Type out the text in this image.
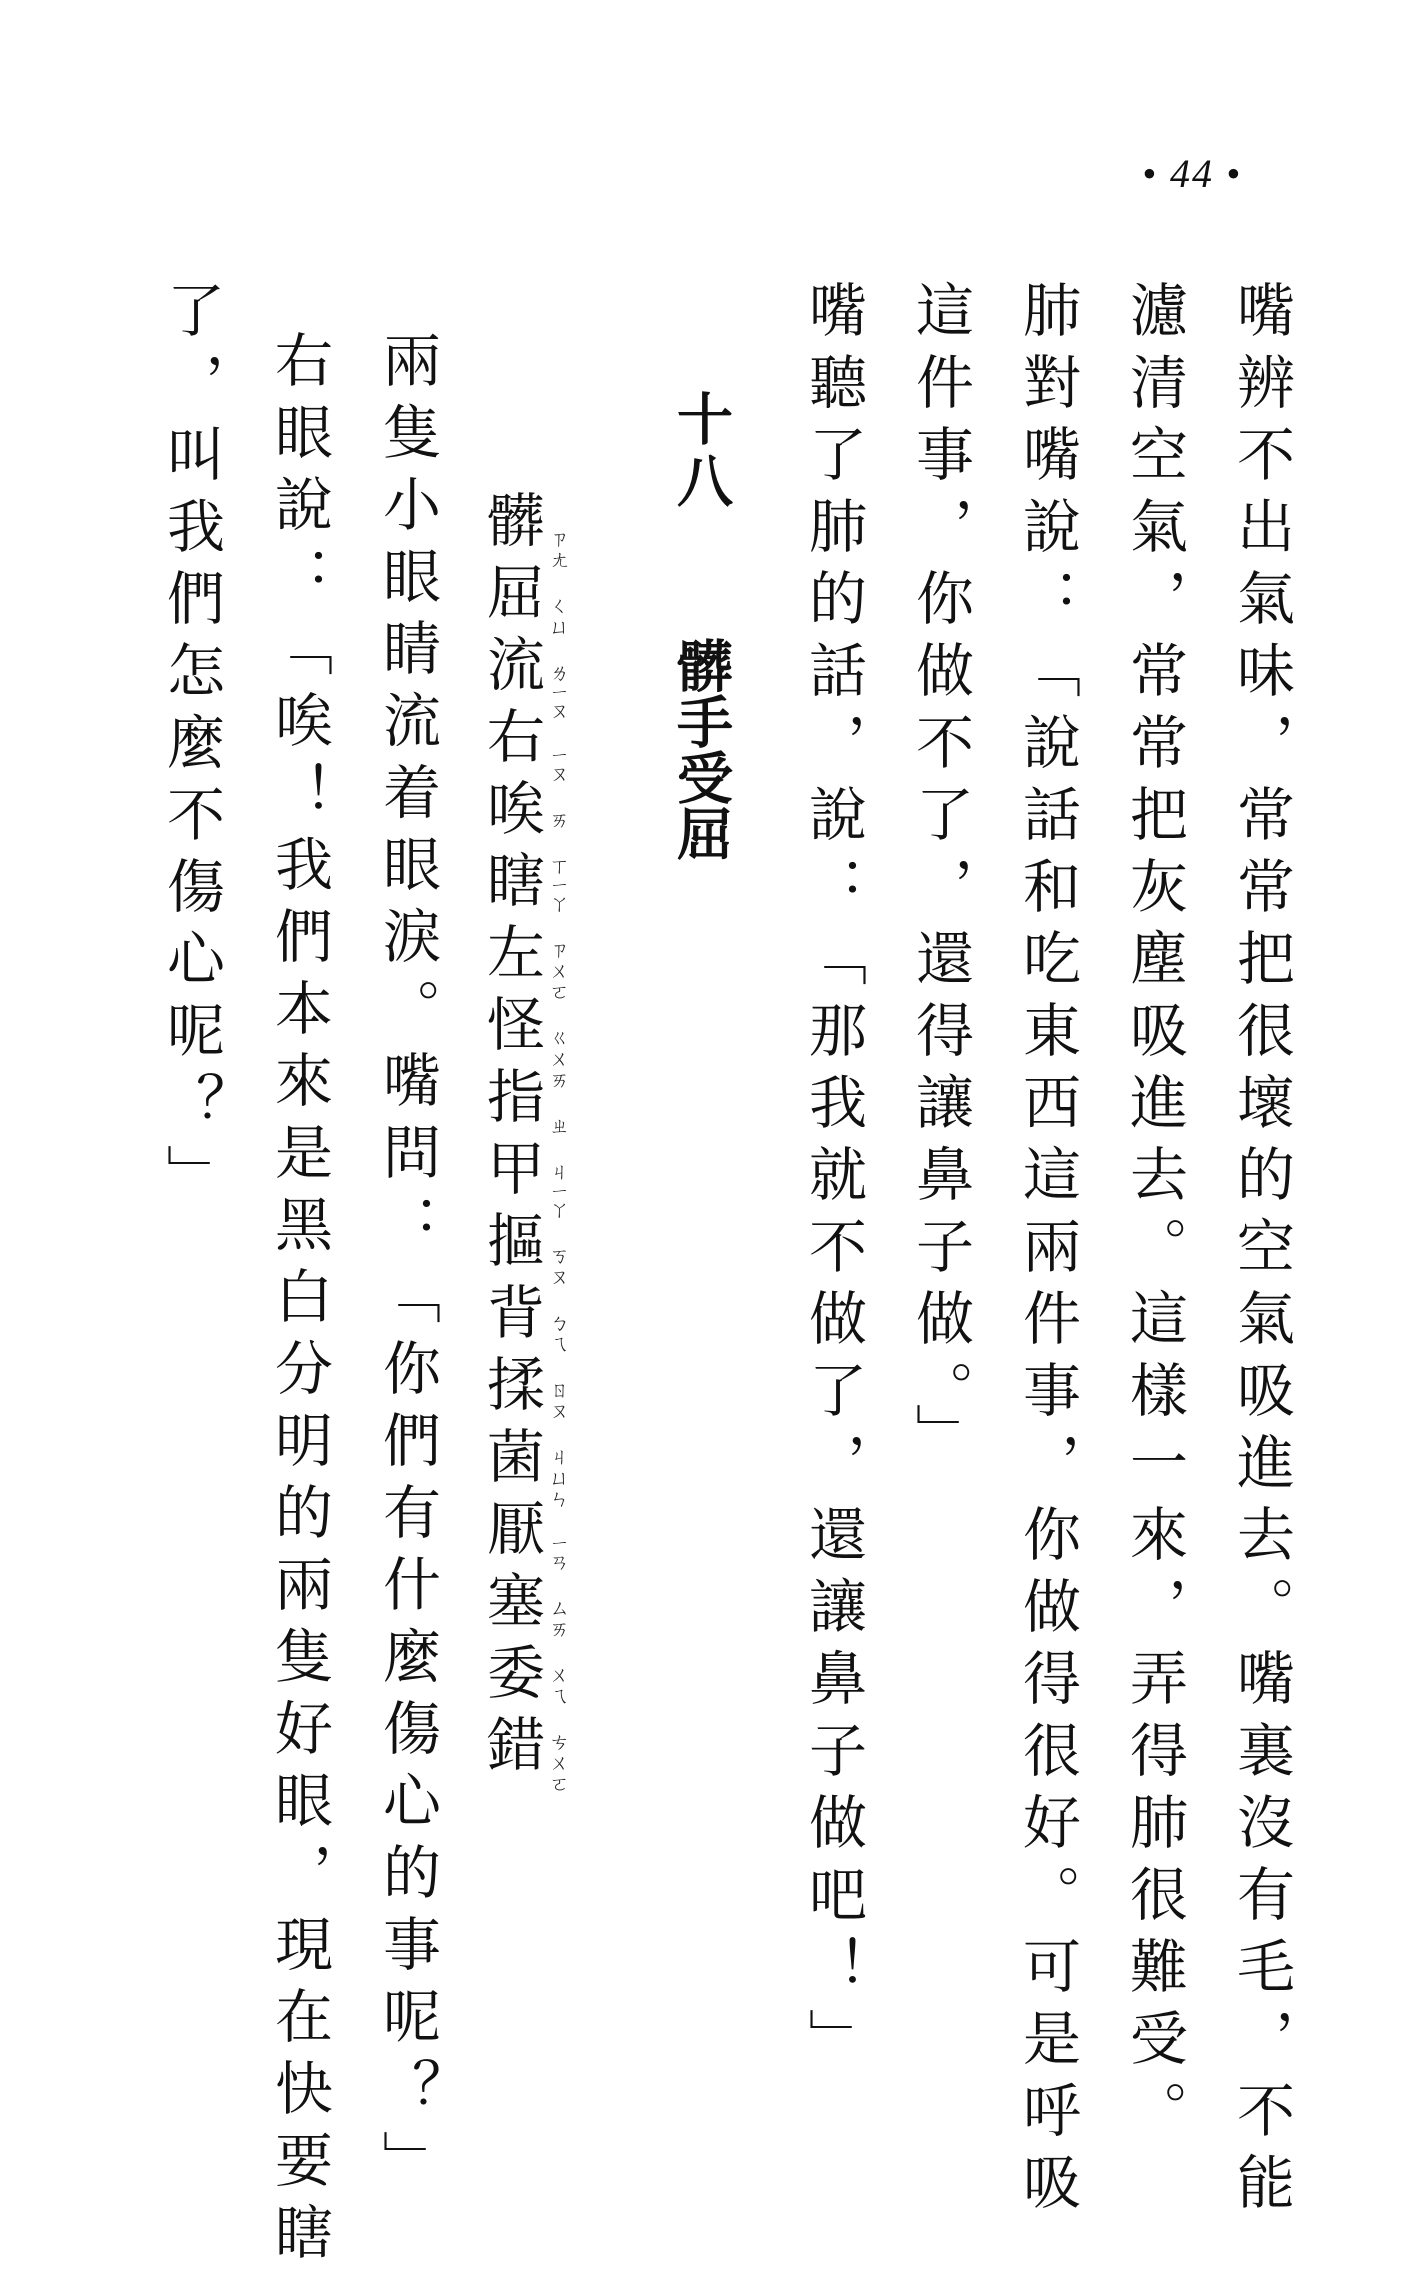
• 44 •
嘴辨不出氣味，常常把很壞的空氣吸進去。嘴裏沒有毛，不能
濾清空氣，常常把灰塵吸進去。這樣一來，弄得肺很難受。
肺對嘴說：「說話和吃東西這兩件事，你做得很好。可是呼吸
這件事，你做不了，還得讓鼻子做。」
嘴聽了肺的話，說：「那我就不做了，還讓鼻子做吧！」
十八 髒手受屈
髒屈流右唉瞎左怪指甲摳背揉菌厭塞委錯 ㄗㄤ ㄑㄩ ㄌㄧㄡ ㄧㄡ ㄞ ㄒㄧㄚ ㄗㄨㄛ ㄍㄨㄞ ㄓ ㄐㄧㄚ ㄎㄡ ㄅㄟ ㄖㄡ ㄐㄩㄣ ㄧㄢ ㄙㄞ ㄨㄟ ㄘㄨㄛ
兩隻小眼睛流着眼淚。嘴問：「你們有什麼傷心的事呢？」
右眼說：「唉！我們本來是黑白分明的兩隻好眼，現在快要瞎
了，叫我們怎麼不傷心呢？」
